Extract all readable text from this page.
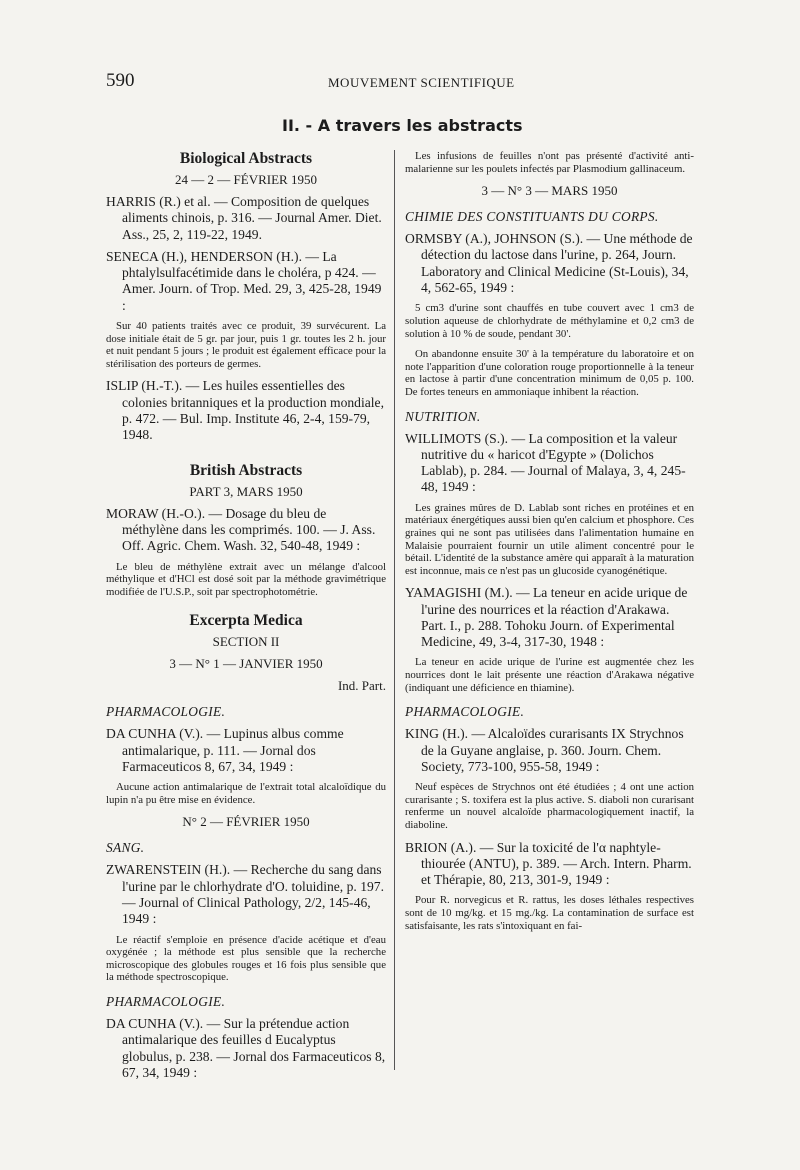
590	MOUVEMENT SCIENTIFIQUE
II. - A travers les abstracts
Biological Abstracts
24 — 2 — FÉVRIER 1950

HARRIS (R.) et al. — Composition de quelques aliments chinois, p. 316. — Journal Amer. Diet. Ass., 25, 2, 119-22, 1949.

SENECA (H.), HENDERSON (H.). — La phtalylsulfacétimide dans le choléra, p 424. — Amer. Journ. of Trop. Med. 29, 3, 425-28, 1949 :

Sur 40 patients traités avec ce produit, 39 survécurent. La dose initiale était de 5 gr. par jour, puis 1 gr. toutes les 2 h. jour et nuit pendant 5 jours ; le produit est également efficace pour la stérilisation des porteurs de germes.

ISLIP (H.-T.). — Les huiles essentielles des colonies britanniques et la production mondiale, p. 472. — Bul. Imp. Institute 46, 2-4, 159-79, 1948.

British Abstracts
PART 3, MARS 1950

MORAW (H.-O.). — Dosage du bleu de méthylène dans les comprimés. 100. — J. Ass. Off. Agric. Chem. Wash. 32, 540-48, 1949 :

Le bleu de méthylène extrait avec un mélange d'alcool méthylique et d'HCl est dosé soit par la méthode gravimétrique modifiée de l'U.S.P., soit par spectrophotométrie.

Excerpta Medica
SECTION II
3 — N° 1 — JANVIER 1950
Ind. Part.
PHARMACOLOGIE.

DA CUNHA (V.). — Lupinus albus comme antimalarique, p. 111. — Jornal dos Farmaceuticos 8, 67, 34, 1949 :

Aucune action antimalarique de l'extrait total alcaloïdique du lupin n'a pu être mise en évidence.

N° 2 — FÉVRIER 1950
SANG.

ZWARENSTEIN (H.). — Recherche du sang dans l'urine par le chlorhydrate d'O. toluidine, p. 197. — Journal of Clinical Pathology, 2/2, 145-46, 1949 :

Le réactif s'emploie en présence d'acide acétique et d'eau oxygénée ; la méthode est plus sensible que la recherche microscopique des globules rouges et 16 fois plus sensible que la méthode spectroscopique.

PHARMACOLOGIE.

DA CUNHA (V.). — Sur la prétendue action antimalarique des feuilles d Eucalyptus globulus, p. 238. — Jornal dos Farmaceuticos 8, 67, 34, 1949 :

Les infusions de feuilles n'ont pas présenté d'activité anti-malarienne sur les poulets infectés par Plasmodium gallinaceum.

3 — N° 3 — MARS 1950
CHIMIE DES CONSTITUANTS DU CORPS.

ORMSBY (A.), JOHNSON (S.). — Une méthode de détection du lactose dans l'urine, p. 264, Journ. Laboratory and Clinical Medicine (St-Louis), 34, 4, 562-65, 1949 :

5 cm3 d'urine sont chauffés en tube couvert avec 1 cm3 de solution aqueuse de chlorhydrate de méthylamine et 0,2 cm3 de solution à 10 % de soude, pendant 30'.

On abandonne ensuite 30' à la température du laboratoire et on note l'apparition d'une coloration rouge proportionnelle à la teneur en lactose à partir d'une concentration minimum de 0,05 p. 100. De fortes teneurs en ammoniaque inhibent la réaction.

NUTRITION.

WILLIMOTS (S.). — La composition et la valeur nutritive du « haricot d'Egypte » (Dolichos Lablab), p. 284. — Journal of Malaya, 3, 4, 245-48, 1949 :

Les graines mûres de D. Lablab sont riches en protéines et en matériaux énergétiques aussi bien qu'en calcium et phosphore. Ces graines qui ne sont pas utilisées dans l'alimentation humaine en Malaisie pourraient fournir un utile aliment concentré pour le bétail. L'identité de la substance amère qui apparaît à la maturation est inconnue, mais ce n'est pas un glucoside cyanogénétique.

YAMAGISHI (M.). — La teneur en acide urique de l'urine des nourrices et la réaction d'Arakawa. Part. I., p. 288. Tohoku Journ. of Experimental Medicine, 49, 3-4, 317-30, 1948 :

La teneur en acide urique de l'urine est augmentée chez les nourrices dont le lait présente une réaction d'Arakawa négative (indiquant une déficience en thiamine).

PHARMACOLOGIE.

KING (H.). — Alcaloïdes curarisants IX Strychnos de la Guyane anglaise, p. 360. Journ. Chem. Society, 773-100, 955-58, 1949 :

Neuf espèces de Strychnos ont été étudiées ; 4 ont une action curarisante ; S. toxifera est la plus active. S. diaboli non curarisant renferme un nouvel alcaloïde pharmacologiquement inactif, la diaboline.

BRION (A.). — Sur la toxicité de l'α naphtyle-thiourée (ANTU), p. 389. — Arch. Intern. Pharm. et Thérapie, 80, 213, 301-9, 1949 :

Pour R. norvegicus et R. rattus, les doses léthales respectives sont de 10 mg/kg. et 15 mg./kg. La contamination de surface est satisfaisante, les rats s'intoxiquant en fai-
